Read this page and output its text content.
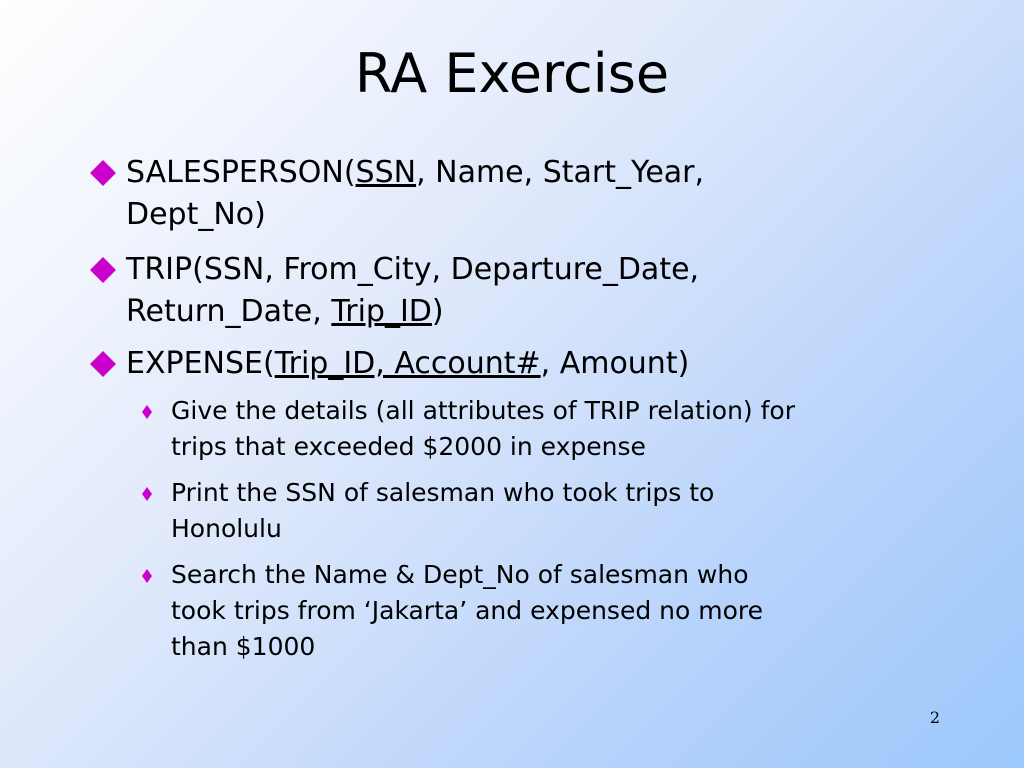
RA Exercise
SALESPERSON(SSN, Name, Start_Year,
Dept_No)
TRIP(SSN, From_City, Departure_Date,
Return_Date, Trip_ID)
EXPENSE(Trip_ID, Account#, Amount)
Give the details (all attributes of TRIP relation) for
trips that exceeded $2000 in expense
Print the SSN of salesman who took trips to
Honolulu
Search the Name & Dept_No of salesman who
took trips from ‘Jakarta’ and expensed no more
than $1000
2
